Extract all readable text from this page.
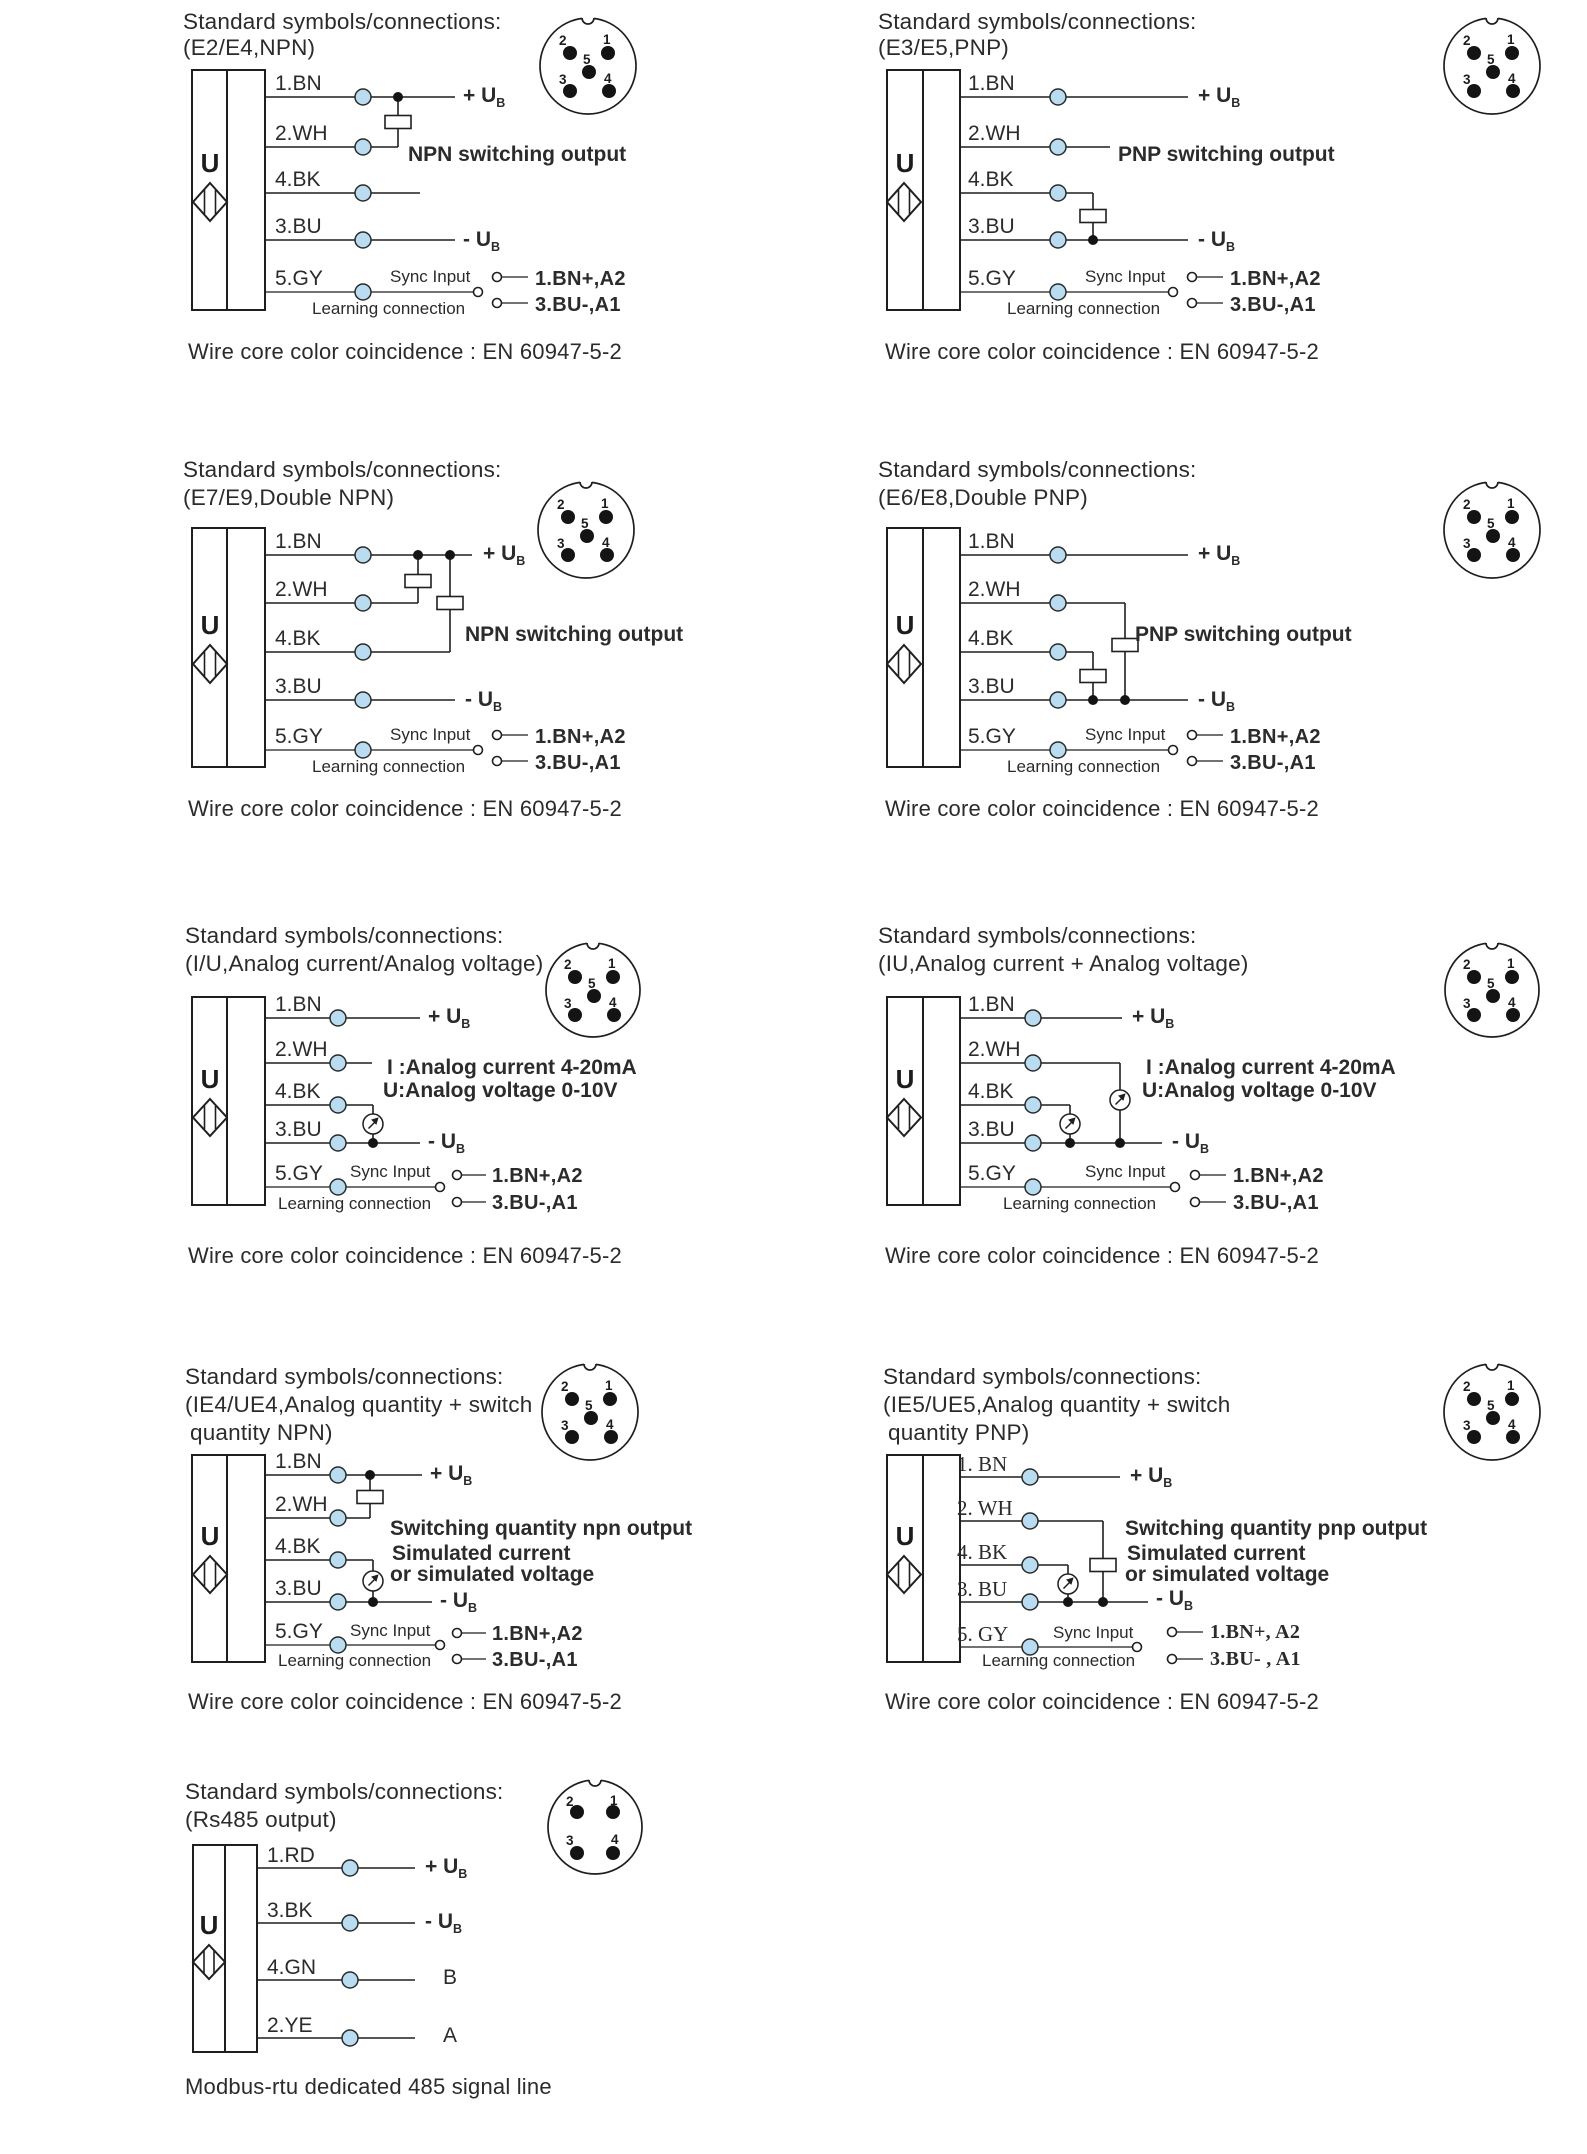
U
2	1
5
3	4
U
2	1
5
3	4
U
2	1
5
3	4
U
2	1
5
3	4
U
2	1
5
3	4
U
2	1
5
3	4
U
2	1
5
3	4
U
2	1
5
3	4
U
2	1
3	4
Standard symbols/connections:
(E2/E4,NPN)
1.BN
2.WH
4.BK
3.BU
5.GY
+ $U_B$
NPN switching output
- $U_B$
Sync Input
Learning connection
1.BN+,A2
3.BU-,A1
Wire core color coincidence : EN 60947-5-2
Standard symbols/connections:
(E3/E5,PNP)
1.BN
2.WH
4.BK
3.BU
5.GY
+ $U_B$
PNP switching output
- $U_B$
Sync Input
Learning connection
1.BN+,A2
3.BU-,A1
Wire core color coincidence : EN 60947-5-2
Standard symbols/connections:
(E7/E9,Double NPN)
1.BN
2.WH
4.BK
3.BU
5.GY
+ $U_B$
NPN switching output
- $U_B$
Sync Input
Learning connection
1.BN+,A2
3.BU-,A1
Wire core color coincidence : EN 60947-5-2
Standard symbols/connections:
(E6/E8,Double PNP)
1.BN
2.WH
4.BK
3.BU
5.GY
+ $U_B$
PNP switching output
- $U_B$
Sync Input
Learning connection
1.BN+,A2
3.BU-,A1
Wire core color coincidence : EN 60947-5-2
Standard symbols/connections:
(I/U,Analog current/Analog voltage)
1.BN
2.WH
4.BK
3.BU
5.GY
+ $U_B$
I :Analog current 4-20mA
U:Analog voltage 0-10V
- $U_B$
Sync Input
Learning connection
1.BN+,A2
3.BU-,A1
Wire core color coincidence : EN 60947-5-2
Standard symbols/connections:
(IU,Analog current + Analog voltage)
1.BN
2.WH
4.BK
3.BU
5.GY
+ $U_B$
I :Analog current 4-20mA
U:Analog voltage 0-10V
- $U_B$
Sync Input
Learning connection
1.BN+,A2
3.BU-,A1
Wire core color coincidence : EN 60947-5-2
Standard symbols/connections:
(IE4/UE4,Analog quantity + switch
quantity NPN)
1.BN
2.WH
4.BK
3.BU
5.GY
+ $U_B$
Switching quantity npn output
Simulated current
or simulated voltage
- $U_B$
Sync Input
Learning connection
1.BN+,A2
3.BU-,A1
Wire core color coincidence : EN 60947-5-2
Standard symbols/connections:
(IE5/UE5,Analog quantity + switch
quantity PNP)
1. BN
2. WH
4. BK
3. BU
5. GY
+ $U_B$
Switching quantity pnp output
Simulated current
or simulated voltage
- $U_B$
Sync Input
Learning connection
1.BN+, A2
3.BU- , A1
Wire core color coincidence : EN 60947-5-2
Standard symbols/connections:
(Rs485 output)
1.RD
3.BK
4.GN
2.YE
+ $U_B$
- $U_B$
B
A
Modbus-rtu dedicated 485 signal line
